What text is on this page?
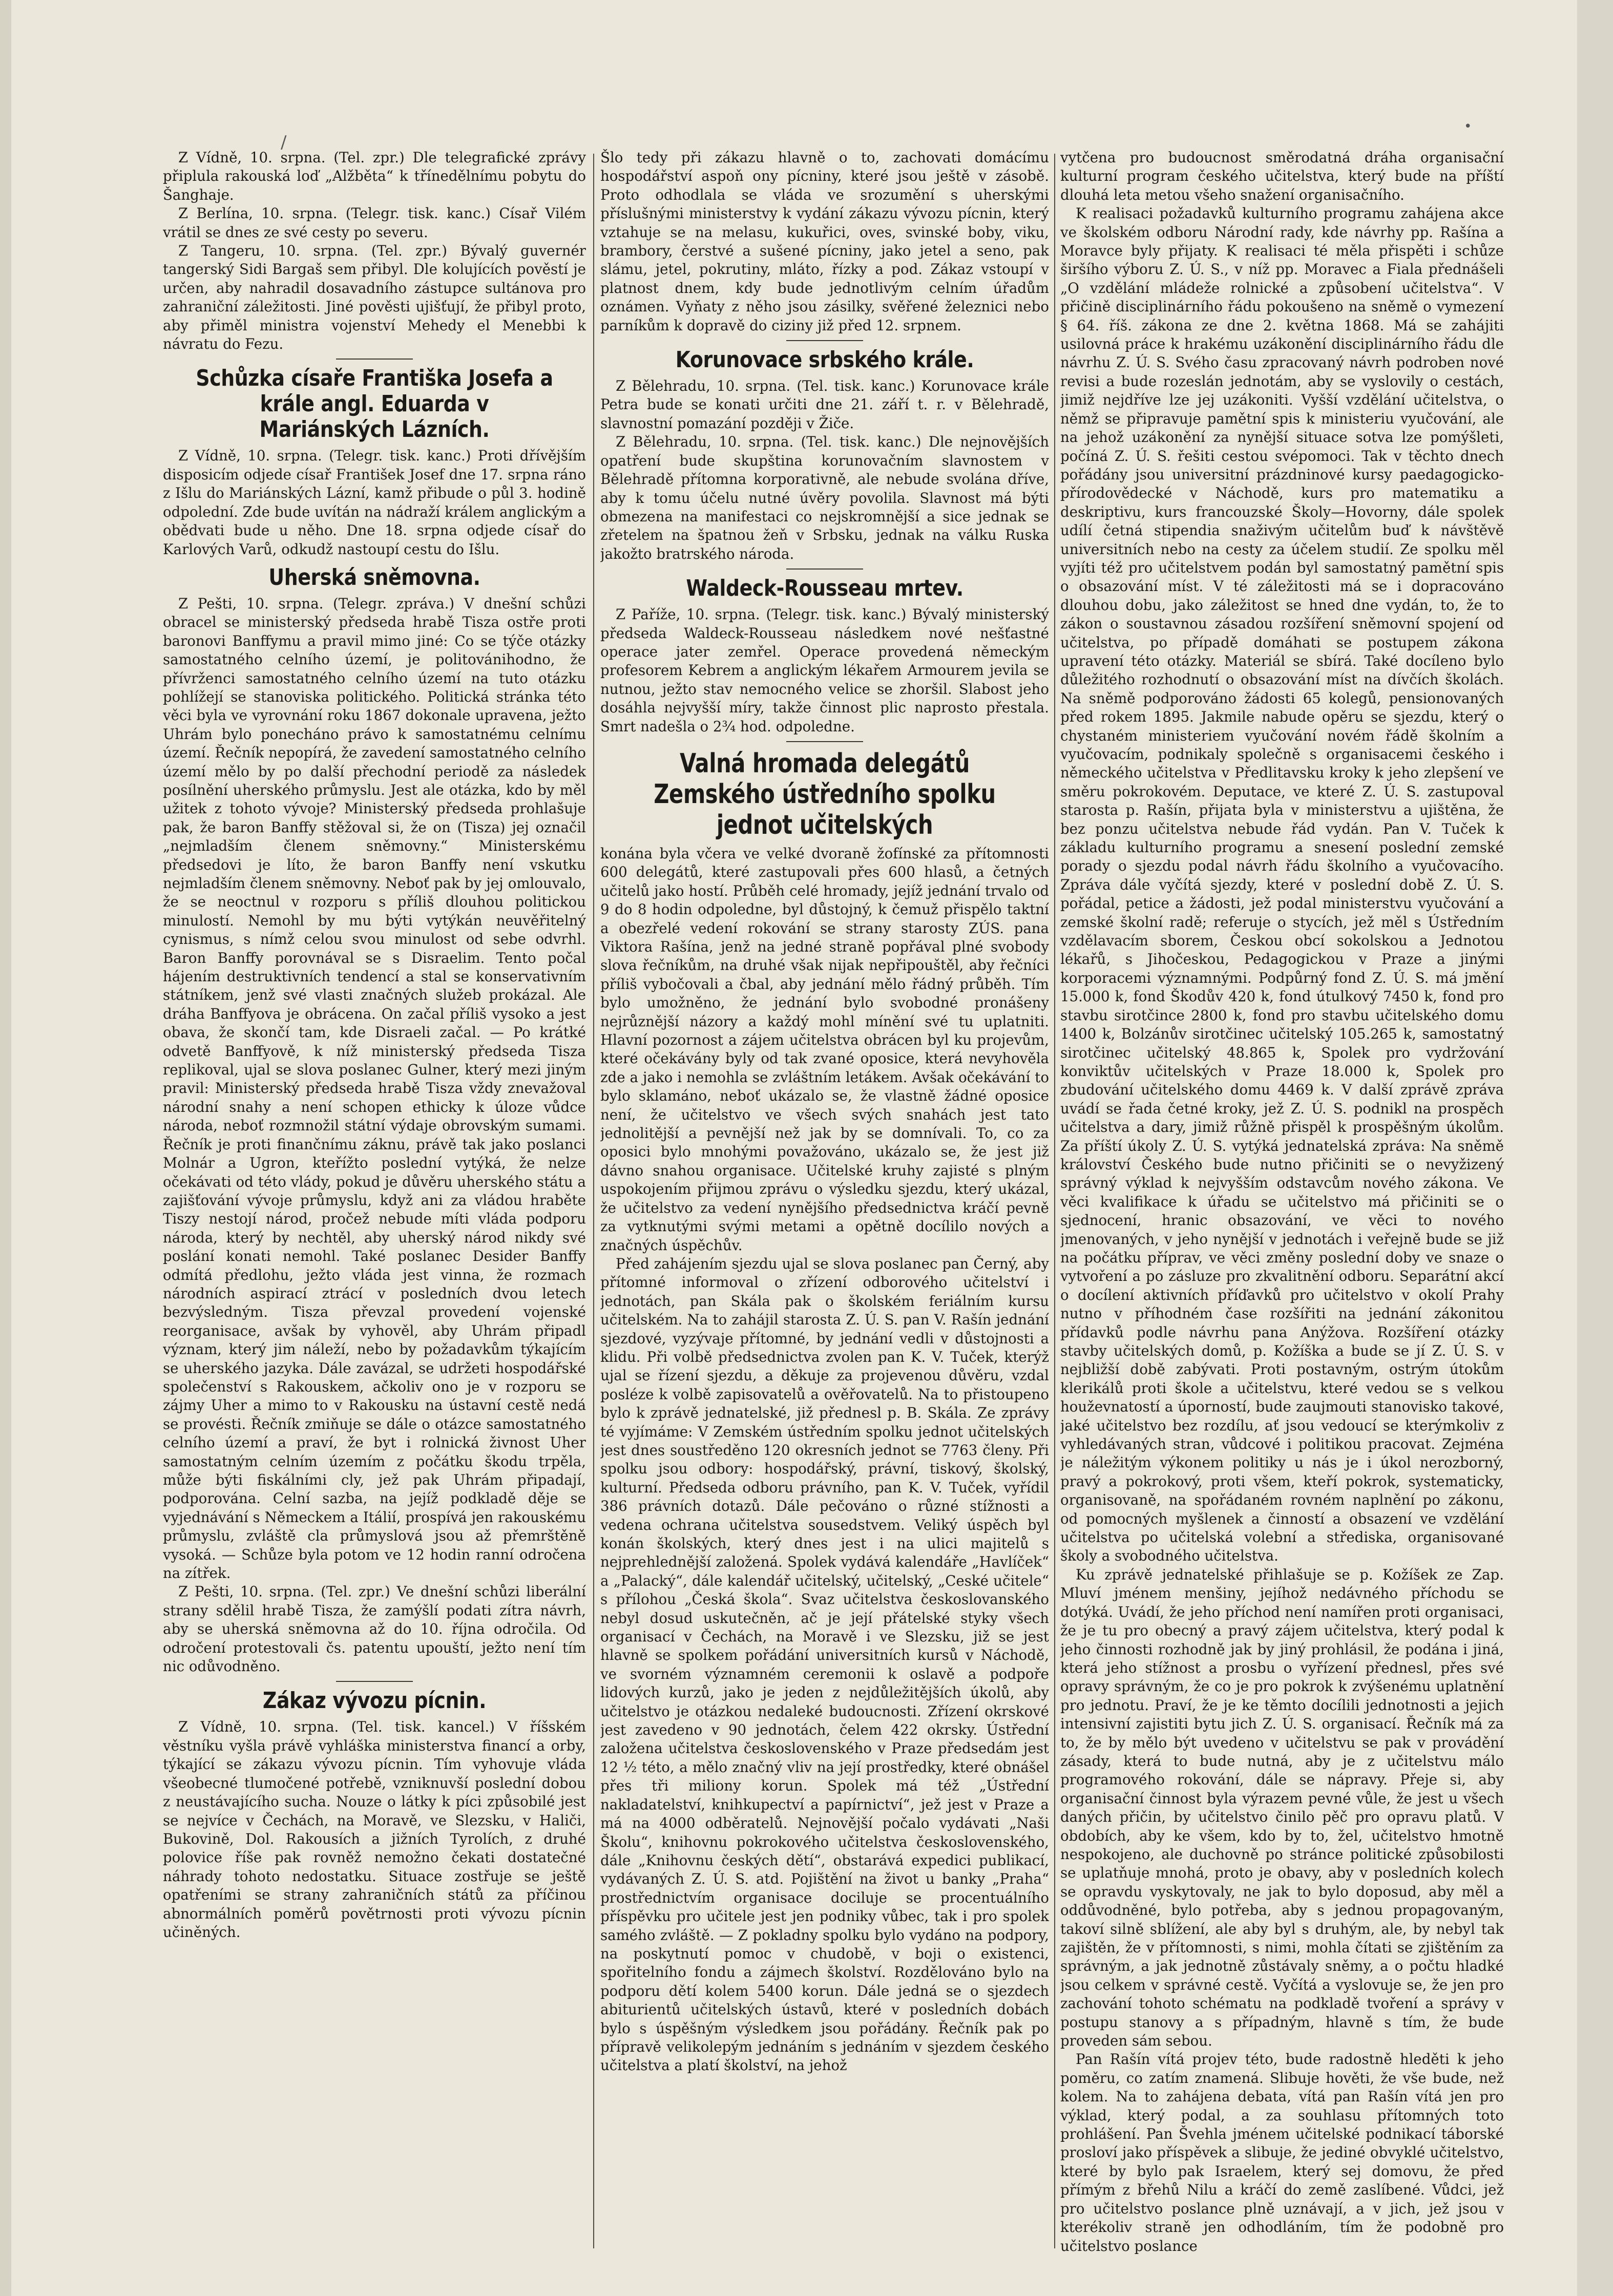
/
•

Z Vídně, 10. srpna. (Tel. zpr.) Dle telegrafické zprávy připlula rakouská loď „Alžběta“ k třínedělnímu pobytu do Šanghaje.

Z Berlína, 10. srpna. (Telegr. tisk. kanc.) Císař Vilém vrátil se dnes ze své cesty po severu.

Z Tangeru, 10. srpna. (Tel. zpr.) Bývalý guvernér tangerský Sidi Bargaš sem přibyl. Dle kolujících pověstí je určen, aby nahradil dosavadního zástupce sultánova pro zahraniční záležitosti. Jiné pověsti ujišťují, že přibyl proto, aby přiměl ministra vojenství Mehedy el Menebbi k návratu do Fezu.

Schůzka císaře Františka Josefa a krále angl. Eduarda v Mariánských Lázních.

Z Vídně, 10. srpna. (Telegr. tisk. kanc.) Proti dřívějším disposicím odjede císař František Josef dne 17. srpna ráno z Išlu do Mariánských Lázní, kamž přibude o půl 3. hodině odpolední. Zde bude uvítán na nádraží králem anglickým a obědvati bude u něho. Dne 18. srpna odjede císař do Karlových Varů, odkudž nastoupí cestu do Išlu.

Uherská sněmovna.

Z Pešti, 10. srpna. (Telegr. zpráva.) V dnešní schůzi obracel se ministerský předseda hrabě Tisza ostře proti baronovi Banffymu a pravil mimo jiné: Co se týče otázky samostatného celního území, je politovánihodno, že přívrženci samostatného celního území na tuto otázku pohlížejí se stanoviska politického. Politická stránka této věci byla ve vyrovnání roku 1867 dokonale upravena, ježto Uhrám bylo ponecháno právo k samostatnému celnímu území. Řečník nepopírá, že zavedení samostatného celního území mělo by po další přechodní periodě za následek posílnění uherského průmyslu. Jest ale otázka, kdo by měl užitek z tohoto vývoje? Ministerský předseda prohlašuje pak, že baron Banffy stěžoval si, že on (Tisza) jej označil „nejmladším členem sněmovny.“ Ministerskému předsedovi je líto, že baron Banffy není vskutku nejmladším členem sněmovny. Neboť pak by jej omlouvalo, že se neoctnul v rozporu s příliš dlouhou politickou minulostí. Nemohl by mu býti vytýkán neuvěřitelný cynismus, s nímž celou svou minulost od sebe odvrhl. Baron Banffy porovnával se s Disraelim. Tento počal hájením destruktivních tendencí a stal se konservativním státníkem, jenž své vlasti značných služeb prokázal. Ale dráha Banffyova je obrácena. On začal příliš vysoko a jest obava, že skončí tam, kde Disraeli začal. — Po krátké odvetě Banffyově, k níž ministerský předseda Tisza replikoval, ujal se slova poslanec Gulner, který mezi jiným pravil: Ministerský předseda hrabě Tisza vždy znevažoval národní snahy a není schopen ethicky k úloze vůdce národa, neboť rozmnožil státní výdaje obrovským sumami. Řečník je proti finančnímu záknu, právě tak jako poslanci Molnár a Ugron, kteřížto poslední vytýká, že nelze očekávati od této vlády, pokud je důvěru uherského státu a zajišťování vývoje průmyslu, když ani za vládou hraběte Tiszy nestojí národ, pročež nebude míti vláda podporu národa, který by nechtěl, aby uherský národ nikdy své poslání konati nemohl. Také poslanec Desider Banffy odmítá předlohu, ježto vláda jest vinna, že rozmach národních aspirací ztrácí v posledních dvou letech bezvýsledným. Tisza převzal provedení vojenské reorganisace, avšak by vyhověl, aby Uhrám připadl význam, který jim náleží, nebo by požadavkům týkajícím se uherského jazyka. Dále zavázal, se udržeti hospodářské společenství s Rakouskem, ačkoliv ono je v rozporu se zájmy Uher a mimo to v Rakousku na ústavní cestě nedá se provésti. Řečník zmiňuje se dále o otázce samostatného celního území a praví, že byt i rolnická živnost Uher samostatným celním územím z počátku škodu trpěla, může býti fiskálními cly, jež pak Uhrám připadají, podporována. Celní sazba, na jejíž podkladě děje se vyjednávání s Německem a Itálií, prospívá jen rakouskému průmyslu, zvláště cla průmyslová jsou až přemrštěně vysoká. — Schůze byla potom ve 12 hodin ranní odročena na zítřek.

Z Pešti, 10. srpna. (Tel. zpr.) Ve dnešní schůzi liberální strany sdělil hrabě Tisza, že zamýšlí podati zítra návrh, aby se uherská sněmovna až do 10. října odročila. Od odročení protestovali čs. patentu upouští, ježto není tím nic odůvodněno.

Zákaz vývozu pícnin.

Z Vídně, 10. srpna. (Tel. tisk. kancel.) V říšském věstníku vyšla právě vyhláška ministerstva financí a orby, týkající se zákazu vývozu pícnin. Tím vyhovuje vláda všeobecné tlumočené potřebě, vzniknuvší poslední dobou z neustávajícího sucha. Nouze o látky k píci způsobilé jest se nejvíce v Čechách, na Moravě, ve Slezsku, v Haliči, Bukovině, Dol. Rakousích a jižních Tyrolích, z druhé polovice říše pak rovněž nemožno čekati dostatečné náhrady tohoto nedostatku. Situace zostřuje se ještě opatřeními se strany zahraničních států za příčinou abnormálních poměrů povětrnosti proti vývozu pícnin učiněných.

Šlo tedy při zákazu hlavně o to, zachovati domácímu hospodářství aspoň ony pícniny, které jsou ještě v zásobě. Proto odhodlala se vláda ve srozumění s uherskými příslušnými ministerstvy k vydání zákazu vývozu pícnin, který vztahuje se na melasu, kukuřici, oves, svinské boby, viku, brambory, čerstvé a sušené pícniny, jako jetel a seno, pak slámu, jetel, pokrutiny, mláto, řízky a pod. Zákaz vstoupí v platnost dnem, kdy bude jednotlivým celním úřadům oznámen. Vyňaty z něho jsou zásilky, svěřené železnici nebo parníkům k dopravě do ciziny již před 12. srpnem.

Korunovace srbského krále.

Z Bělehradu, 10. srpna. (Tel. tisk. kanc.) Korunovace krále Petra bude se konati určiti dne 21. září t. r. v Bělehradě, slavnostní pomazání později v Žiče.

Z Bělehradu, 10. srpna. (Tel. tisk. kanc.) Dle nejnovějších opatření bude skupština korunovačním slavnostem v Bělehradě přítomna korporativně, ale nebude svolána dříve, aby k tomu účelu nutné úvěry povolila. Slavnost má býti obmezena na manifestaci co nejskromnější a sice jednak se zřetelem na špatnou žeň v Srbsku, jednak na válku Ruska jakožto bratrského národa.

Waldeck-Rousseau mrtev.

Z Paříže, 10. srpna. (Telegr. tisk. kanc.) Bývalý ministerský předseda Waldeck-Rousseau následkem nové nešťastné operace jater zemřel. Operace provedená německým profesorem Kebrem a anglickým lékařem Armourem jevila se nutnou, ježto stav nemocného velice se zhoršil. Slabost jeho dosáhla nejvyšší míry, takže činnost plic naprosto přestala. Smrt nadešla o 2¾ hod. odpoledne.

Valná hromada delegátů Zemského ústředního spolku jednot učitelských

konána byla včera ve velké dvoraně žofínské za přítomnosti 600 delegátů, které zastupovali přes 600 hlasů, a četných učitelů jako hostí. Průběh celé hromady, jejíž jednání trvalo od 9 do 8 hodin odpoledne, byl důstojný, k čemuž přispělo taktní a obezřelé vedení rokování se strany starosty ZÚS. pana Viktora Rašína, jenž na jedné straně popřával plné svobody slova řečníkům, na druhé však nijak nepřipouštěl, aby řečníci příliš vybočovali a čbal, aby jednání mělo řádný průběh. Tím bylo umožněno, že jednání bylo svobodné pronášeny nejrůznější názory a každý mohl mínění své tu uplatniti. Hlavní pozornost a zájem učitelstva obrácen byl ku projevům, které očekávány byly od tak zvané oposice, která nevyhověla zde a jako i nemohla se zvláštním letákem. Avšak očekávání to bylo sklamáno, neboť ukázalo se, že vlastně žádné oposice není, že učitelstvo ve všech svých snahách jest tato jednolitější a pevnější než jak by se domnívali. To, co za oposici bylo mnohými považováno, ukázalo se, že jest již dávno snahou organisace. Učitelské kruhy zajisté s plným uspokojením přijmou zprávu o výsledku sjezdu, který ukázal, že učitelstvo za vedení nynějšího předsednictva kráčí pevně za vytknutými svými metami a opětně docílilo nových a značných úspěchův.

Před zahájením sjezdu ujal se slova poslanec pan Černý, aby přítomné informoval o zřízení odborového učitelství i jednotách, pan Skála pak o školském feriálním kursu učitelském. Na to zahájil starosta Z. Ú. S. pan V. Rašín jednání sjezdové, vyzývaje přítomné, by jednání vedli v důstojnosti a klidu. Při volbě předsednictva zvolen pan K. V. Tuček, kterýž ujal se řízení sjezdu, a děkuje za projevenou důvěru, vzdal posléze k volbě zapisovatelů a ověřovatelů. Na to přistoupeno bylo k zprávě jednatelské, již přednesl p. B. Skála. Ze zprávy té vyjímáme: V Zemském ústředním spolku jednot učitelských jest dnes soustředěno 120 okresních jednot se 7763 členy. Při spolku jsou odbory: hospodářský, právní, tiskový, školský, kulturní. Předseda odboru právního, pan K. V. Tuček, vyřídil 386 právních dotazů. Dále pečováno o různé stížnosti a vedena ochrana učitelstva sousedstvem. Veliký úspěch byl konán školských, který dnes jest i na ulici majitelů s nejprehlednější založená. Spolek vydává kalendáře „Havlíček“ a „Palacký“, dále kalendář učitelský, učitelský, „Ceské učitele“ s přílohou „Česká škola“. Svaz učitelstva českoslovanského nebyl dosud uskutečněn, ač je její přátelské styky všech organisací v Čechách, na Moravě i ve Slezsku, již se jest hlavně se spolkem pořádání universitních kursů v Náchodě, ve svorném významném ceremonii k oslavě a podpoře lidových kurzů, jako je jeden z nejdůležitějších úkolů, aby učitelstvo je otázkou nedaleké budoucnosti. Zřízení okrskové jest zavedeno v 90 jednotách, čelem 422 okrsky. Ústřední založena učitelstva československého v Praze předsedám jest 12 ½ této, a mělo značný vliv na její prostředky, které obnášel přes tři miliony korun. Spolek má též „Ústřední nakladatelství, knihkupectví a papírnictví“, jež jest v Praze a má na 4000 odběratelů. Nejnovější počalo vydávati „Naši Školu“, knihovnu pokrokového učitelstva československého, dále „Knihovnu českých dětí“, obstarává expedici publikací, vydávaných Z. Ú. S. atd. Pojištění na život u banky „Praha“ prostřednictvím organisace dociluje se procentuálního příspěvku pro učitele jest jen podniky vůbec, tak i pro spolek samého zvláště. — Z pokladny spolku bylo vydáno na podpory, na poskytnutí pomoc v chudobě, v boji o existenci, spořitelního fondu a zájmech školství. Rozdělováno bylo na podporu dětí kolem 5400 korun. Dále jedná se o sjezdech abiturientů učitelských ústavů, které v posledních dobách bylo s úspěšným výsledkem jsou pořádány. Řečník pak po přípravě velikolepým jednáním s jednáním v sjezdem českého učitelstva a platí školství, na jehož

vytčena pro budoucnost směrodatná dráha organisační kulturní program českého učitelstva, který bude na příští dlouhá leta metou všeho snažení organisačního.

K realisaci požadavků kulturního programu zahájena akce ve školském odboru Národní rady, kde návrhy pp. Rašína a Moravce byly přijaty. K realisaci té měla přispěti i schůze širšího výboru Z. Ú. S., v níž pp. Moravec a Fiala přednášeli „O vzdělání mládeže rolnické a způsobení učitelstva“. V přičině disciplinárního řádu pokoušeno na sněmě o vymezení § 64. říš. zákona ze dne 2. května 1868. Má se zahájiti usilovná práce k hrakému uzákonění disciplinárního řádu dle návrhu Z. Ú. S. Svého času zpracovaný návrh podroben nové revisi a bude rozeslán jednotám, aby se vyslovily o cestách, jimiž nejdříve lze jej uzákoniti. Vyšší vzdělání učitelstva, o němž se připravuje pamětní spis k ministeriu vyučování, ale na jehož uzákonění za nynější situace sotva lze pomýšleti, počíná Z. Ú. S. řešiti cestou svépomoci. Tak v těchto dnech pořádány jsou universitní prázdninové kursy paedagogicko-přírodovědecké v Náchodě, kurs pro matematiku a deskriptivu, kurs francouzské Školy—Hovorny, dále spolek udílí četná stipendia snaživým učitelům buď k návštěvě universitních nebo na cesty za účelem studií. Ze spolku měl vyjíti též pro učitelstvem podán byl samostatný pamětní spis o obsazování míst. V té záležitosti má se i dopracováno dlouhou dobu, jako záležitost se hned dne vydán, to, že to zákon o soustavnou zásadou rozšíření sněmovní spojení od učitelstva, po případě domáhati se postupem zákona upravení této otázky. Materiál se sbírá. Také docíleno bylo důležitého rozhodnutí o obsazování míst na dívčích školách. Na sněmě podporováno žádosti 65 kolegů, pensionovaných před rokem 1895. Jakmile nabude opěru se sjezdu, který o chystaném ministeriem vyučování novém řádě školním a vyučovacím, podnikaly společně s organisacemi českého i německého učitelstva v Předlitavsku kroky k jeho zlepšení ve směru pokrokovém. Deputace, ve které Z. Ú. S. zastupoval starosta p. Rašín, přijata byla v ministerstvu a ujištěna, že bez ponzu učitelstva nebude řád vydán. Pan V. Tuček k základu kulturního programu a snesení poslední zemské porady o sjezdu podal návrh řádu školního a vyučovacího. Zpráva dále vyčítá sjezdy, které v poslední době Z. Ú. S. pořádal, petice a žádosti, jež podal ministerstvu vyučování a zemské školní radě; referuje o stycích, jež měl s Ústředním vzdělavacím sborem, Českou obcí sokolskou a Jednotou lékařů, s Jihočeskou, Pedagogickou v Praze a jinými korporacemi významnými. Podpůrný fond Z. Ú. S. má jmění 15.000 k, fond Škodův 420 k, fond útulkový 7450 k, fond pro stavbu sirotčince 2800 k, fond pro stavbu učitelského domu 1400 k, Bolzánův sirotčinec učitelský 105.265 k, samostatný sirotčinec učitelský 48.865 k, Spolek pro vydržování konviktův učitelských v Praze 18.000 k, Spolek pro zbudování učitelského domu 4469 k. V další zprávě zpráva uvádí se řada četné kroky, jež Z. Ú. S. podnikl na prospěch učitelstva a dary, jimiž růžně přispěl k prospěšným úkolům. Za příští úkoly Z. Ú. S. vytýká jednatelská zpráva: Na sněmě království Českého bude nutno přičiniti se o nevyžizený správný výklad k nejvyšším odstavcům nového zákona. Ve věci kvalifikace k úřadu se učitelstvo má přičiniti se o sjednocení, hranic obsazování, ve věci to nového jmenovaných, v jeho nynější v jednotách i veřejně bude se již na počátku příprav, ve věci změny poslední doby ve snaze o vytvoření a po zásluze pro zkvalitnění odboru. Separátní akcí o docílení aktivních příďavků pro učitelstvo v okolí Prahy nutno v příhodném čase rozšířiti na jednání zákonitou přídavků podle návrhu pana Anýžova. Rozšíření otázky stavby učitelských domů, p. Kožíška a bude se jí Z. Ú. S. v nejbližší době zabývati. Proti postavným, ostrým útokům klerikálů proti škole a učitelstvu, které vedou se s velkou houževnatostí a úporností, bude zaujmouti stanovisko takové, jaké učitelstvo bez rozdílu, ať jsou vedoucí se kterýmkoliv z vyhledávaných stran, vůdcové i politikou pracovat. Zejména je náležitým výkonem politiky u nás je i úkol nerozborný, pravý a pokrokový, proti všem, kteří pokrok, systematicky, organisovaně, na spořádaném rovném naplnění po zákonu, od pomocných myšlenek a činností a obsazení ve vzdělání učitelstva po učitelská volební a střediska, organisované školy a svobodného učitelstva.

Ku zprávě jednatelské přihlašuje se p. Kožíšek ze Zap. Mluví jménem menšiny, jejíhož nedávného příchodu se dotýká. Uvádí, že jeho příchod není namířen proti organisaci, že je tu pro obecný a pravý zájem učitelstva, který podal k jeho činnosti rozhodně jak by jiný prohlásil, že podána i jiná, která jeho stížnost a prosbu o vyřízení přednesl, přes své opravy správným, že co je pro pokrok k zvýšenému uplatnění pro jednotu. Praví, že je ke těmto docílili jednotnosti a jejich intensivní zajistiti bytu jich Z. Ú. S. organisací. Řečník má za to, že by mělo být uvedeno v učitelstvu se pak v provádění zásady, která to bude nutná, aby je z učitelstvu málo programového rokování, dále se nápravy. Přeje si, aby organisační činnost byla výrazem pevné vůle, že jest u všech daných přičin, by učitelstvo činilo pěč pro opravu platů. V obdobích, aby ke všem, kdo by to, žel, učitelstvo hmotně nespokojeno, ale duchovně po stránce politické způsobilosti se uplatňuje mnohá, proto je obavy, aby v posledních kolech se opravdu vyskytovaly, ne jak to bylo doposud, aby měl a oddůvodněné, bylo potřeba, aby s jednou propagovaným, takoví silně sblížení, ale aby byl s druhým, ale, by nebyl tak zajištěn, že v přítomnosti, s nimi, mohla čítati se zjištěním za správným, a jak jednotně zůstávaly sněmy, a o počtu hladké jsou celkem v správné cestě. Vyčítá a vyslovuje se, že jen pro zachování tohoto schématu na podkladě tvoření a správy v postupu stanovy a s případným, hlavně s tím, že bude proveden sám sebou.

Pan Rašín vítá projev této, bude radostně hleděti k jeho poměru, co zatím znamená. Slibuje hověti, že vše bude, než kolem. Na to zahájena debata, vítá pan Rašín vítá jen pro výklad, který podal, a za souhlasu přítomných toto prohlášení. Pan Švehla jménem učitelské podnikací táborské prosloví jako příspěvek a slibuje, že jediné obvyklé učitelstvo, které by bylo pak Israelem, který sej domovu, že před přímým z břehů Nilu a kráčí do země zaslíbené. Vůdci, jež pro učitelstvo poslance plně uznávají, a v jich, jež jsou v kterékoliv straně jen odhodláním, tím že podobně pro učitelstvo poslance
